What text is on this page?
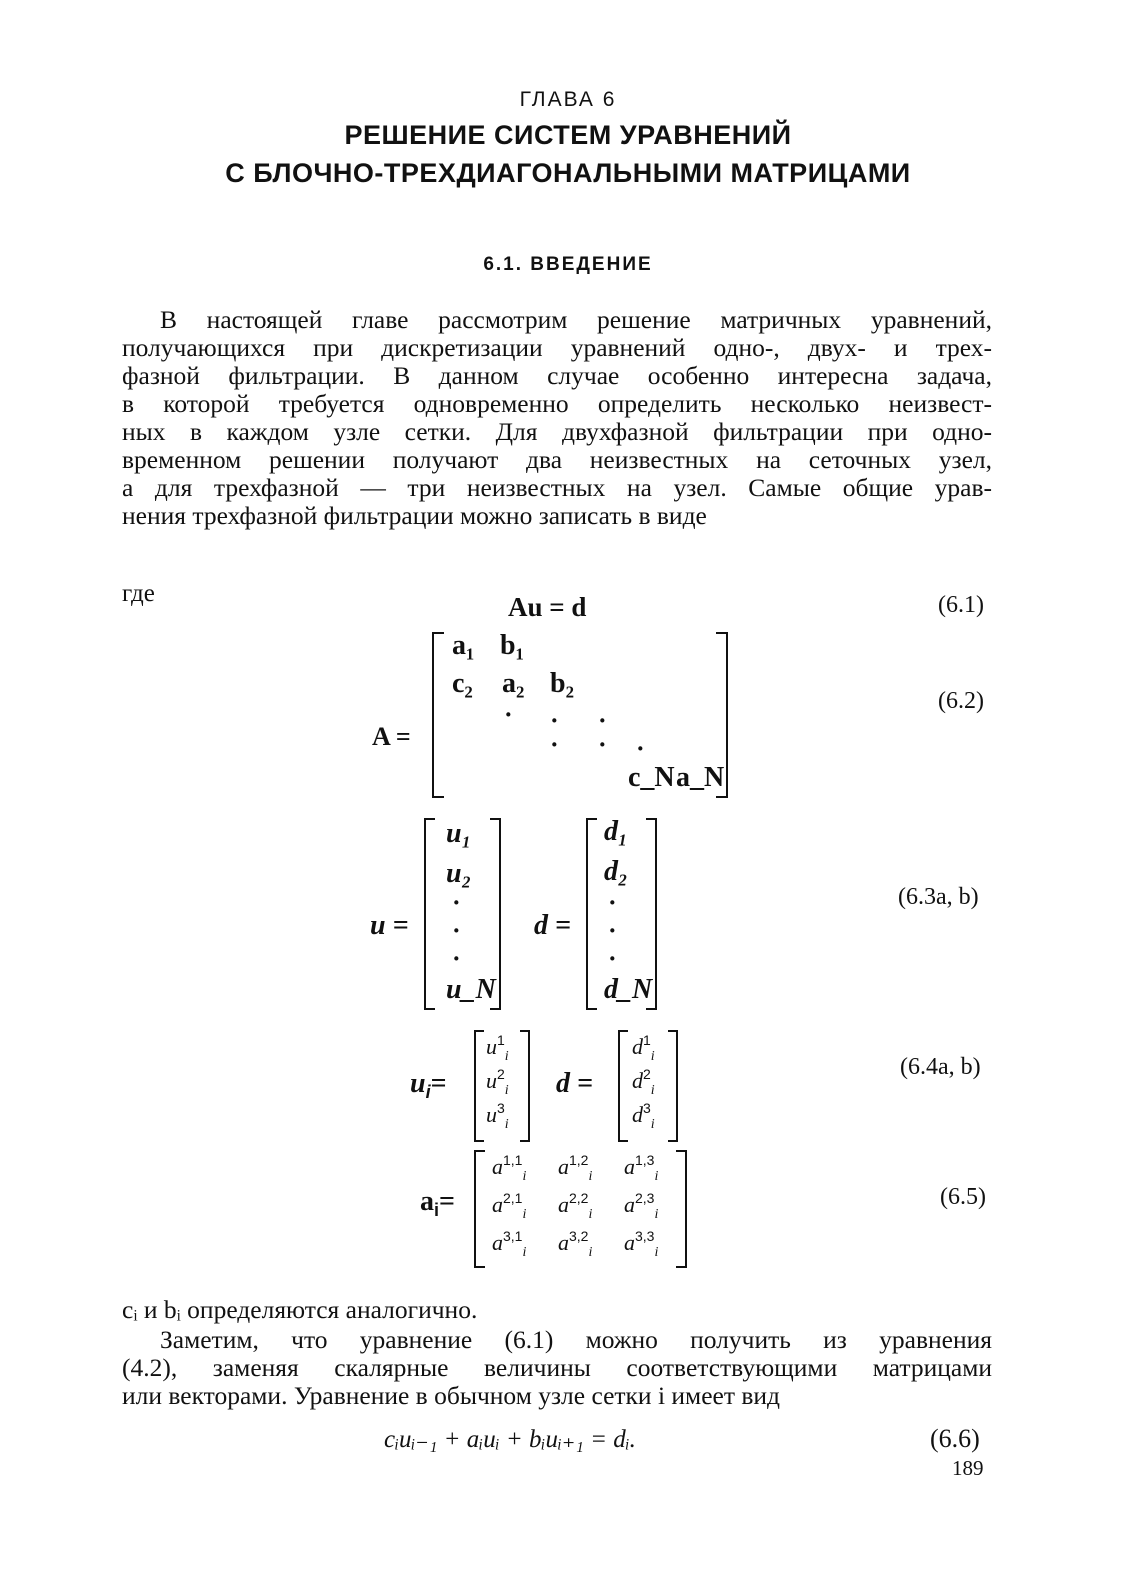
ГЛАВА 6
РЕШЕНИЕ СИСТЕМ УРАВНЕНИЙ
С БЛОЧНО-ТРЕХДИАГОНАЛЬНЫМИ МАТРИЦАМИ
6.1. ВВЕДЕНИЕ
В настоящей главе рассмотрим решение матричных уравнений,
получающихся при дискретизации уравнений одно-, двух- и трех-
фазной фильтрации. В данном случае особенно интересна задача,
в которой требуется одновременно определить несколько неизвест-
ных в каждом узле сетки. Для двухфазной фильтрации при одно-
временном решении получают два неизвестных на сеточных узел,
а для трехфазной — три неизвестных на узел. Самые общие урав-
нения трехфазной фильтрации можно записать в виде
где	Au = d	(6.1)
A =
a₁ b₁
c₂ a₂ b₂
· · ·
· · ·
c_N a_N
(6.2)
u =
u₁
u₂
·
·
·
u_N
d =
d₁
d₂
·
·
·
d_N
(6.3a, b)
$u_i=$
$u^1_i$
$u^2_i$
$u^3_i$
d =
$d^1_i$
$d^2_i$
$d^3_i$
(6.4a, b)
$a_i=$
$a^{1,1}_i$ $a^{1,2}_i$ $a^{1,3}_i$
$a^{2,1}_i$ $a^{2,2}_i$ $a^{2,3}_i$
$a^{3,1}_i$ $a^{3,2}_i$ $a^{3,3}_i$
(6.5)
cᵢ и bᵢ определяются аналогично.
Заметим, что уравнение (6.1) можно получить из уравнения
(4.2), заменяя скалярные величины соответствующими матрицами
или векторами. Уравнение в обычном узле сетки i имеет вид
cᵢuᵢ₋₁ + aᵢuᵢ + bᵢuᵢ₊₁ = dᵢ.	(6.6)
189
